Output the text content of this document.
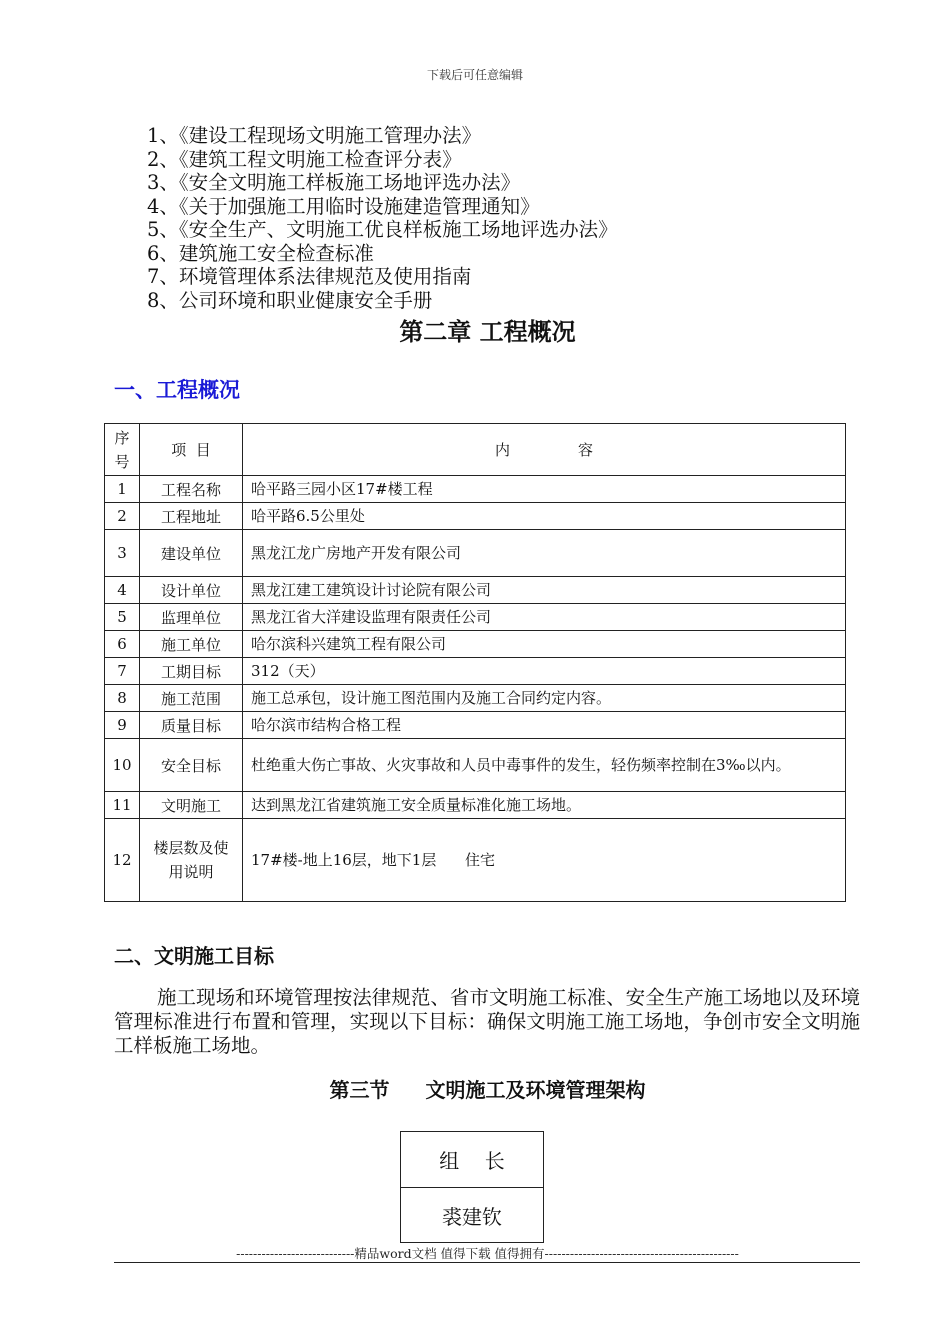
下载后可任意编辑
1、《建设工程现场文明施工管理办法》
2、《建筑工程文明施工检查评分表》
3、《安全文明施工样板施工场地评选办法》
4、《关于加强施工用临时设施建造管理通知》
5、《安全生产、文明施工优良样板施工场地评选办法》
6、建筑施工安全检查标准
7、环境管理体系法律规范及使用指南
8、公司环境和职业健康安全手册
第二章 工程概况
一、工程概况
序号	项  目	内 容
1	工程名称	哈平路三园小区17#楼工程
2	工程地址	哈平路6.5公里处
3	建设单位	黑龙江龙广房地产开发有限公司
4	设计单位	黑龙江建工建筑设计讨论院有限公司
5	监理单位	黑龙江省大洋建设监理有限责任公司
6	施工单位	哈尔滨科兴建筑工程有限公司
7	工期目标	312（天）
8	施工范围	施工总承包，设计施工图范围内及施工合同约定内容。
9	质量目标	哈尔滨市结构合格工程
10	安全目标	杜绝重大伤亡事故、火灾事故和人员中毒事件的发生，轻伤频率控制在3‰以内。
11	文明施工	达到黑龙江省建筑施工安全质量标准化施工场地。
12	楼层数及使用说明	17#楼-地上16层，地下1层      住宅
二、文明施工目标
施工现场和环境管理按法律规范、省市文明施工标准、安全生产施工场地以及环境管理标准进行布置和管理，实现以下目标：确保文明施工施工场地，争创市安全文明施工样板施工场地。
第三节 文明施工及环境管理架构
组    长
裘建钦
----------------------------精品word文档 值得下载 值得拥有----------------------------------------------
